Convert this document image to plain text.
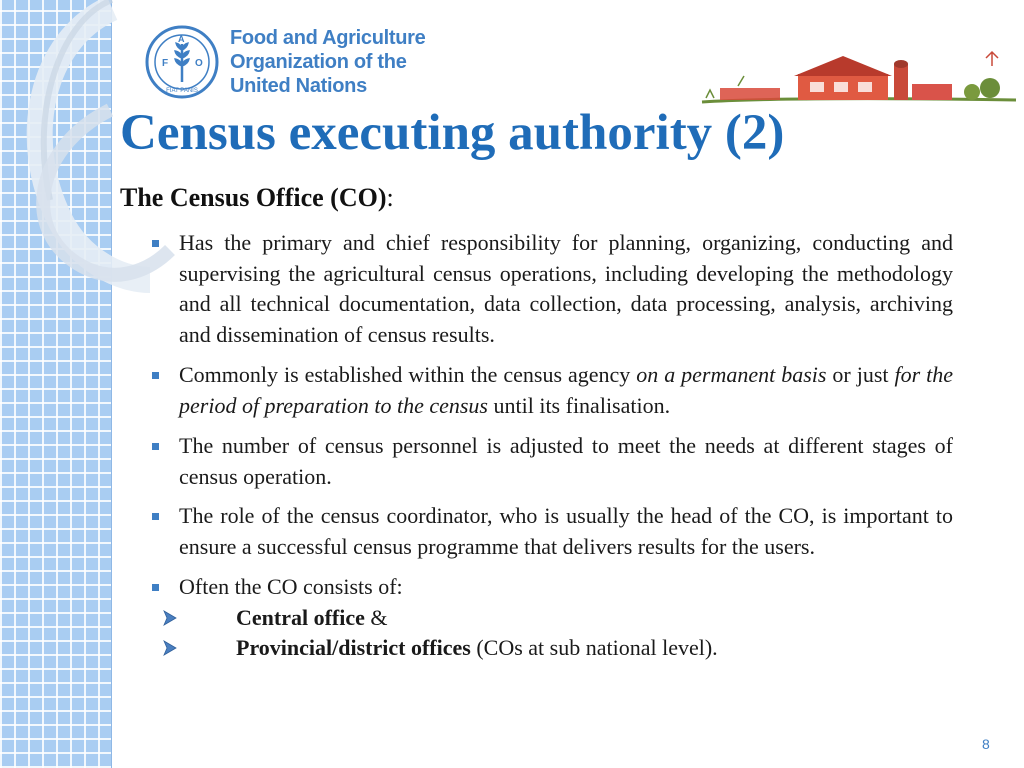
F
A
O
FIAT PANIS
Food and Agriculture
Organization of the
United Nations
Census executing authority (2)
The Census Office (CO):
Has the primary and chief responsibility for planning, organizing, conducting and supervising the agricultural census operations, including developing the methodology and all technical documentation, data collection, data processing, analysis, archiving and dissemination of census results.
Commonly is established within the census agency on a permanent basis or just for the period of preparation to the census until its finalisation.
The number of census personnel is adjusted to meet the needs at different stages of census operation.
The role of the census coordinator, who is usually the head of the CO, is important to ensure a successful census programme that delivers results for the users.
Often the CO consists of:
Central office &
Provincial/district offices (COs at sub national level).
8
